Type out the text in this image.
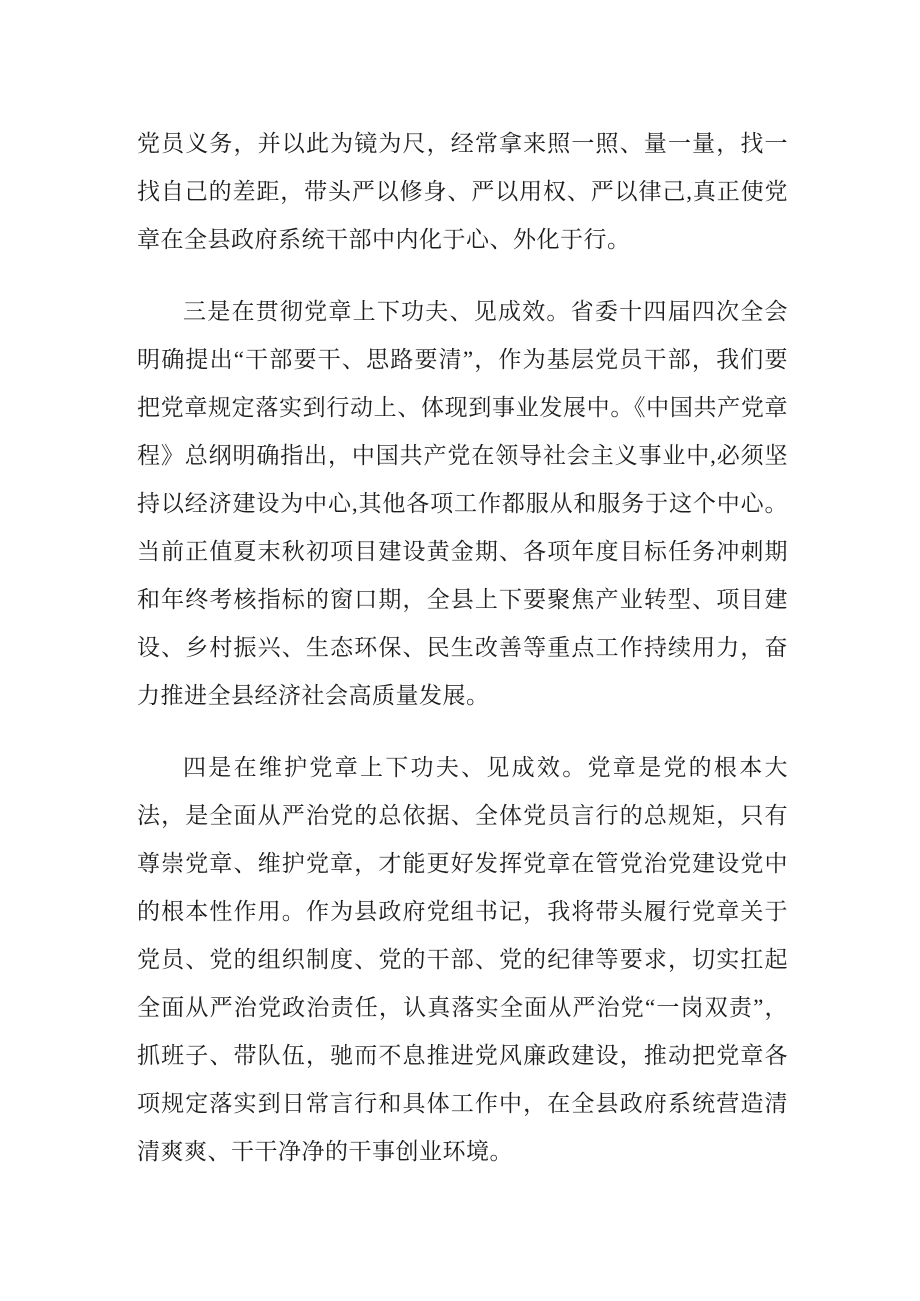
党员义务，并以此为镜为尺，经常拿来照一照、量一量，找一找自己的差距，带头严以修身、严以用权、严以律己,真正使党章在全县政府系统干部中内化于心、外化于行。

三是在贯彻党章上下功夫、见成效。省委十四届四次全会明确提出“干部要干、思路要清”，作为基层党员干部，我们要把党章规定落实到行动上、体现到事业发展中。《中国共产党章程》总纲明确指出，中国共产党在领导社会主义事业中,必须坚持以经济建设为中心,其他各项工作都服从和服务于这个中心。当前正值夏末秋初项目建设黄金期、各项年度目标任务冲刺期和年终考核指标的窗口期，全县上下要聚焦产业转型、项目建设、乡村振兴、生态环保、民生改善等重点工作持续用力，奋力推进全县经济社会高质量发展。

四是在维护党章上下功夫、见成效。党章是党的根本大法，是全面从严治党的总依据、全体党员言行的总规矩，只有尊崇党章、维护党章，才能更好发挥党章在管党治党建设党中的根本性作用。作为县政府党组书记，我将带头履行党章关于党员、党的组织制度、党的干部、党的纪律等要求，切实扛起全面从严治党政治责任，认真落实全面从严治党“一岗双责”，抓班子、带队伍，驰而不息推进党风廉政建设，推动把党章各项规定落实到日常言行和具体工作中，在全县政府系统营造清清爽爽、干干净净的干事创业环境。
